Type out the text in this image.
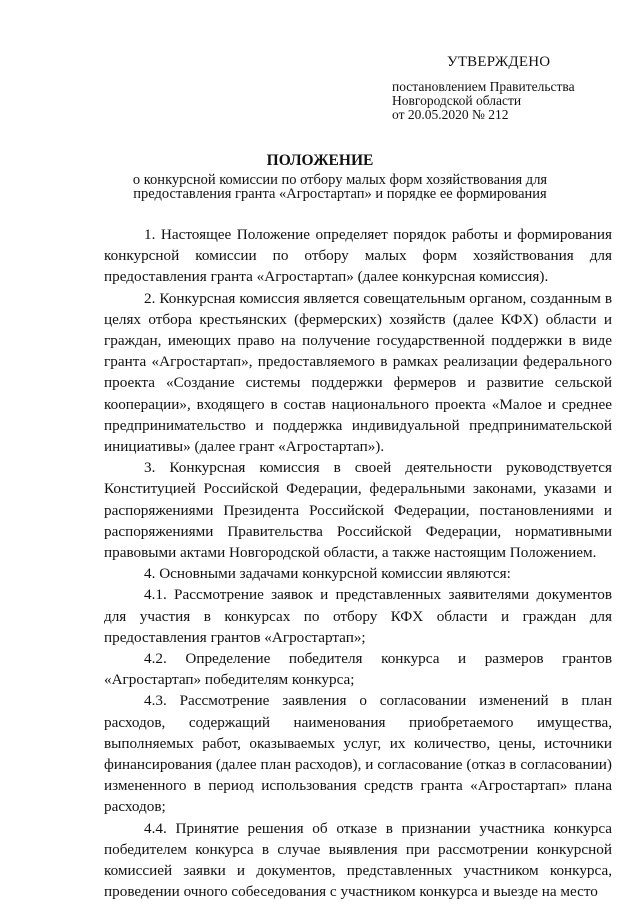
УТВЕРЖДЕНО
постановлением Правительства
Новгородской области
от 20.05.2020 № 212
ПОЛОЖЕНИЕ
о конкурсной комиссии по отбору малых форм хозяйствования для предоставления гранта «Агростартап» и порядке ее формирования

1. Настоящее Положение определяет порядок работы и формирования конкурсной комиссии по отбору малых форм хозяйствования для предоставления гранта «Агростартап» (далее конкурсная комиссия).

2. Конкурсная комиссия является совещательным органом, созданным в целях отбора крестьянских (фермерских) хозяйств (далее КФХ) области и граждан, имеющих право на получение государственной поддержки в виде гранта «Агростартап», предоставляемого в рамках реализации федерального проекта «Создание системы поддержки фермеров и развитие сельской кооперации», входящего в состав национального проекта «Малое и среднее предпринимательство и поддержка индивидуальной предпринимательской инициативы» (далее грант «Агростартап»).

3. Конкурсная комиссия в своей деятельности руководствуется Конституцией Российской Федерации, федеральными законами, указами и распоряжениями Президента Российской Федерации, постановлениями и распоряжениями Правительства Российской Федерации, нормативными правовыми актами Новгородской области, а также настоящим Положением.

4. Основными задачами конкурсной комиссии являются:

4.1. Рассмотрение заявок и представленных заявителями документов для участия в конкурсах по отбору КФХ области и граждан для предоставления грантов «Агростартап»;

4.2. Определение победителя конкурса и размеров грантов «Агростартап» победителям конкурса;

4.3. Рассмотрение заявления о согласовании изменений в план расходов, содержащий наименования приобретаемого имущества, выполняемых работ, оказываемых услуг, их количество, цены, источники финансирования (далее план расходов), и согласование (отказ в согласовании) измененного в период использования средств гранта «Агростартап» плана расходов;

4.4. Принятие решения об отказе в признании участника конкурса победителем конкурса в случае выявления при рассмотрении конкурсной комиссией заявки и документов, представленных участником конкурса, проведении очного собеседования с участником конкурса и выезде на место
